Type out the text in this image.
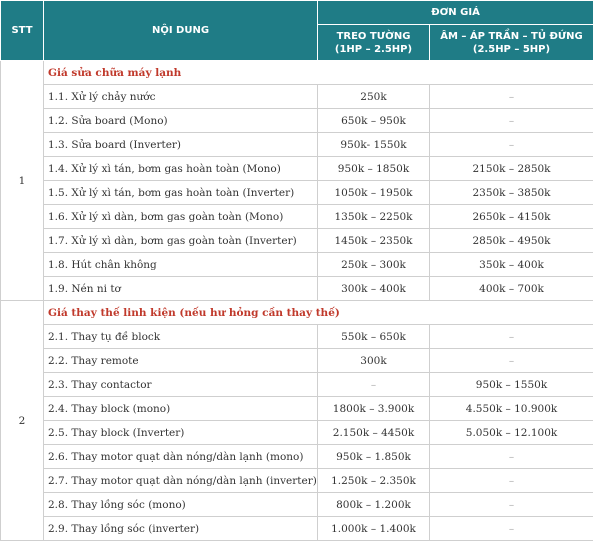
STT	NỘI DUNG	ĐƠN GIÁ	
		TREO TƯỜNG (1HP – 2.5HP)	ÂM – ÁP TRẦN – TỦ ĐỨNG (2.5HP – 5HP)
1	Giá sửa chữa máy lạnh		
	1.1. Xử lý chảy nước	250k	–
	1.2. Sửa board (Mono)	650k – 950k	–
	1.3. Sửa board (Inverter)	950k- 1550k	–
	1.4. Xử lý xì tán, bơm gas hoàn toàn (Mono)	950k – 1850k	2150k – 2850k
	1.5. Xử lý xì tán, bơm gas hoàn toàn (Inverter)	1050k – 1950k	2350k – 3850k
	1.6. Xử lý xì dàn, bơm gas goàn toàn (Mono)	1350k – 2250k	2650k – 4150k
	1.7. Xử lý xì dàn, bơm gas goàn toàn (Inverter)	1450k – 2350k	2850k – 4950k
	1.8. Hút chân không	250k – 300k	350k – 400k
	1.9. Nén ni tơ	300k – 400k	400k – 700k
2	Giá thay thế linh kiện (nếu hư hỏng cần thay thế)		
	2.1. Thay tụ đề block	550k – 650k	–
	2.2. Thay remote	300k	–
	2.3. Thay contactor	–	950k – 1550k
	2.4. Thay block (mono)	1800k – 3.900k	4.550k – 10.900k
	2.5. Thay block (Inverter)	2.150k – 4450k	5.050k – 12.100k
	2.6. Thay motor quạt dàn nóng/dàn lạnh (mono)	950k – 1.850k	–
	2.7. Thay motor quạt dàn nóng/dàn lạnh (inverter)	1.250k – 2.350k	–
	2.8. Thay lồng sóc (mono)	800k – 1.200k	–
	2.9. Thay lồng sóc (inverter)	1.000k – 1.400k	–
